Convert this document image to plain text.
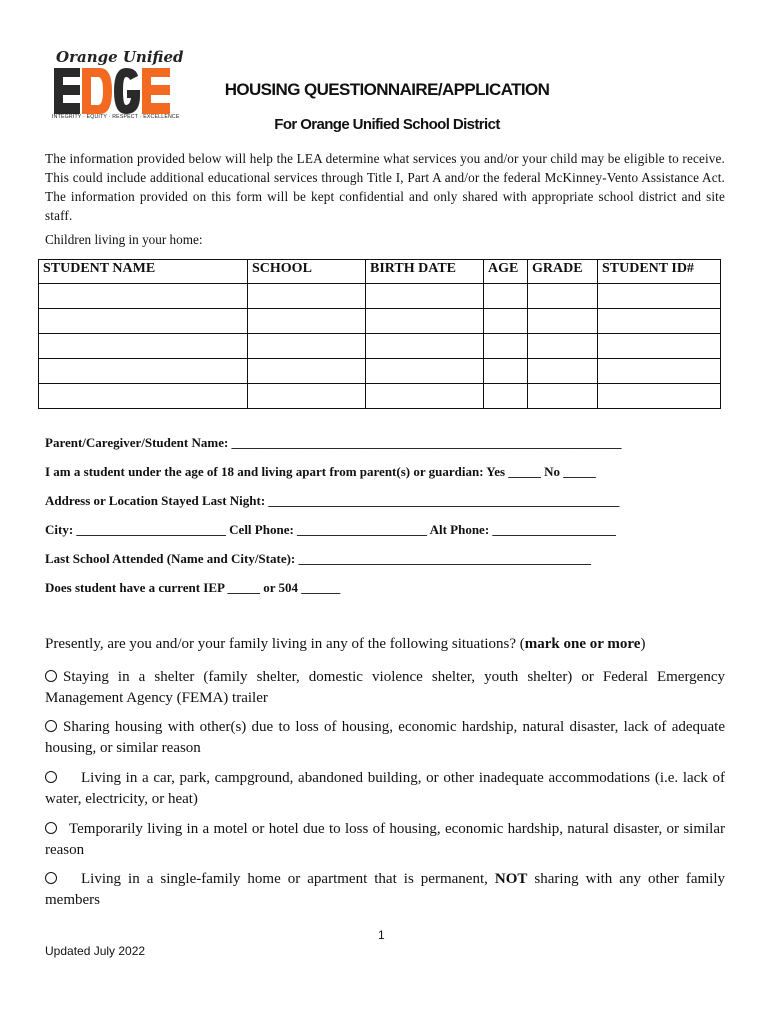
Orange Unified
INTEGRITY · EQUITY · RESPECT · EXCELLENCE
HOUSING QUESTIONNAIRE/APPLICATION
For Orange Unified School District
The information provided below will help the LEA determine what services you and/or your child may be eligible to receive. This could include additional educational services through Title I, Part A and/or the federal McKinney-Vento Assistance Act. The information provided on this form will be kept confidential and only shared with appropriate school district and site staff.
Children living in your home:
STUDENT NAME	SCHOOL	BIRTH DATE	AGE	GRADE	STUDENT ID#

Parent/Caregiver/Student Name: ____________________________________________________________
I am a student under the age of 18 and living apart from parent(s) or guardian: Yes _____ No _____
Address or Location Stayed Last Night: ______________________________________________________
City: _______________________ Cell Phone: ____________________ Alt Phone: ___________________
Last School Attended (Name and City/State): _____________________________________________
Does student have a current IEP _____ or 504 ______
Presently, are you and/or your family living in any of the following situations? (mark one or more)
Staying in a shelter (family shelter, domestic violence shelter, youth shelter) or Federal Emergency Management Agency (FEMA) trailer
Sharing housing with other(s) due to loss of housing, economic hardship, natural disaster, lack of adequate housing, or similar reason
Living in a car, park, campground, abandoned building, or other inadequate accommodations (i.e. lack of water, electricity, or heat)
Temporarily living in a motel or hotel due to loss of housing, economic hardship, natural disaster, or similar reason
Living in a single-family home or apartment that is permanent, NOT sharing with any other family members
1
Updated July 2022
